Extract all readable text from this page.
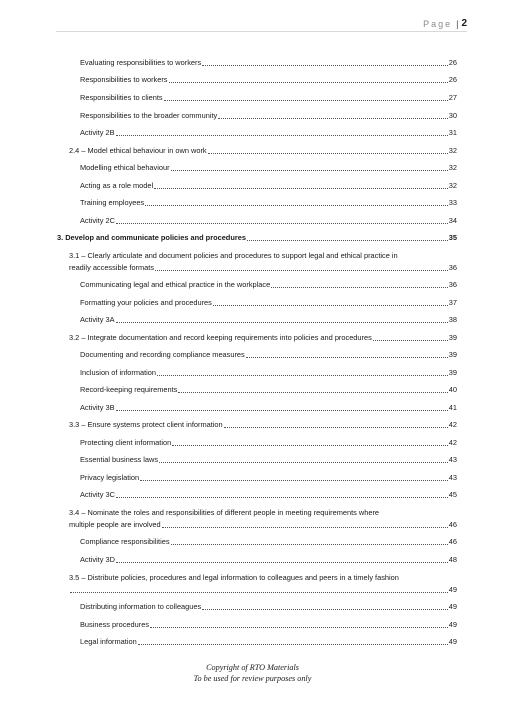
Page | 2
Evaluating responsibilities to workers	26
Responsibilities to workers	26
Responsibilities to clients	27
Responsibilities to the broader community	30
Activity 2B	31
2.4 – Model ethical behaviour in own work	32
Modelling ethical behaviour	32
Acting as a role model	32
Training employees	33
Activity 2C	34
3. Develop and communicate policies and procedures	35
3.1 – Clearly articulate and document policies and procedures to support legal and ethical practice in
readily accessible formats	36
Communicating legal and ethical practice in the workplace	36
Formatting your policies and procedures	37
Activity 3A	38
3.2 – Integrate documentation and record keeping requirements into policies and procedures	39
Documenting and recording compliance measures	39
Inclusion of information	39
Record-keeping requirements	40
Activity 3B	41
3.3 – Ensure systems protect client information	42
Protecting client information	42
Essential business laws	43
Privacy legislation	43
Activity 3C	45
3.4 – Nominate the roles and responsibilities of different people in meeting requirements where
multiple people are involved	46
Compliance responsibilities	46
Activity 3D	48
3.5 – Distribute policies, procedures and legal information to colleagues and peers in a timely fashion
49
Distributing information to colleagues	49
Business procedures	49
Legal information	49
Copyright of RTO Materials
To be used for review purposes only
